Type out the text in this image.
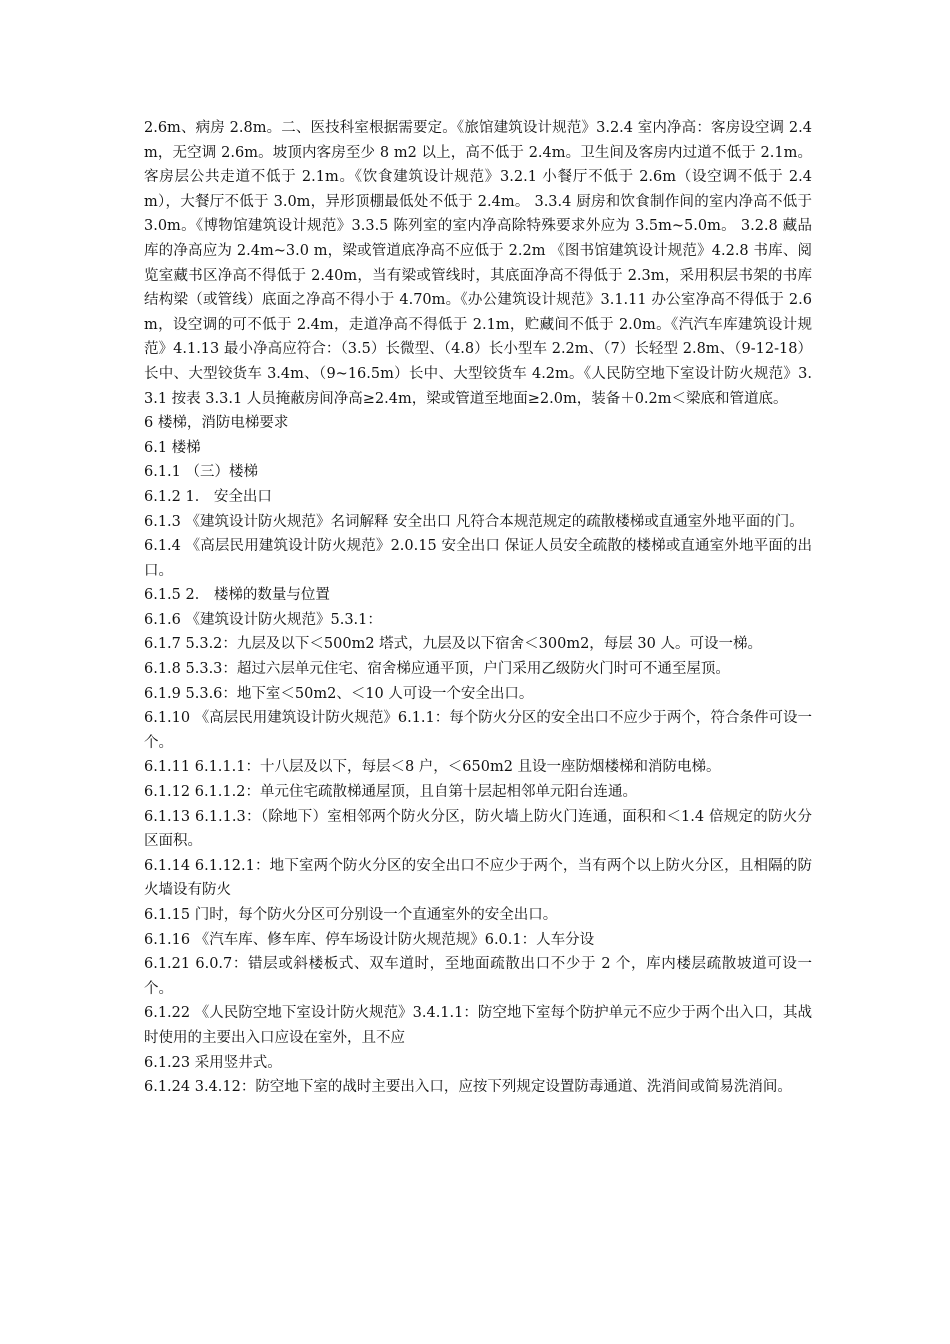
2.6m、病房 2.8m。二、医技科室根据需要定。《旅馆建筑设计规范》3.2.4 室内净高：客房设空调 2.4m，无空调 2.6m。坡顶内客房至少 8 m2 以上，高不低于 2.4m。卫生间及客房内过道不低于 2.1m。客房层公共走道不低于 2.1m。《饮食建筑设计规范》3.2.1 小餐厅不低于 2.6m（设空调不低于 2.4m），大餐厅不低于 3.0m，异形顶棚最低处不低于 2.4m。 3.3.4 厨房和饮食制作间的室内净高不低于 3.0m。《博物馆建筑设计规范》3.3.5 陈列室的室内净高除特殊要求外应为 3.5m~5.0m。 3.2.8 藏品库的净高应为 2.4m~3.0 m，梁或管道底净高不应低于 2.2m 《图书馆建筑设计规范》4.2.8 书库、阅览室藏书区净高不得低于 2.40m，当有梁或管线时，其底面净高不得低于 2.3m，采用积层书架的书库结构梁（或管线）底面之净高不得小于 4.70m。《办公建筑设计规范》3.1.11 办公室净高不得低于 2.6m，设空调的可不低于 2.4m，走道净高不得低于 2.1m，贮藏间不低于 2.0m。《汽汽车库建筑设计规范》4.1.13 最小净高应符合：（3.5）长微型、（4.8）长小型车 2.2m、（7）长轻型 2.8m、（9-12-18）长中、大型铰货车 3.4m、（9~16.5m）长中、大型铰货车 4.2m。《人民防空地下室设计防火规范》3.3.1 按表 3.3.1 人员掩蔽房间净高≥2.4m，梁或管道至地面≥2.0m，装备＋0.2m＜梁底和管道底。

6 楼梯，消防电梯要求

6.1 楼梯

6.1.1 （三）楼梯

6.1.2 1． 安全出口

6.1.3 《建筑设计防火规范》名词解释 安全出口 凡符合本规范规定的疏散楼梯或直通室外地平面的门。

6.1.4 《高层民用建筑设计防火规范》2.0.15 安全出口 保证人员安全疏散的楼梯或直通室外地平面的出口。

6.1.5 2． 楼梯的数量与位置

6.1.6 《建筑设计防火规范》5.3.1：

6.1.7 5.3.2：九层及以下＜500m2 塔式，九层及以下宿舍＜300m2，每层 30 人。可设一梯。

6.1.8 5.3.3：超过六层单元住宅、宿舍梯应通平顶，户门采用乙级防火门时可不通至屋顶。

6.1.9 5.3.6：地下室＜50m2、＜10 人可设一个安全出口。

6.1.10 《高层民用建筑设计防火规范》6.1.1：每个防火分区的安全出口不应少于两个，符合条件可设一个。

6.1.11 6.1.1.1：十八层及以下，每层＜8 户，＜650m2 且设一座防烟楼梯和消防电梯。

6.1.12 6.1.1.2：单元住宅疏散梯通屋顶，且自第十层起相邻单元阳台连通。

6.1.13 6.1.1.3：（除地下）室相邻两个防火分区，防火墙上防火门连通，面积和＜1.4 倍规定的防火分区面积。

6.1.14 6.1.12.1：地下室两个防火分区的安全出口不应少于两个，当有两个以上防火分区，且相隔的防火墙设有防火

6.1.15 门时，每个防火分区可分别设一个直通室外的安全出口。

6.1.16 《汽车库、修车库、停车场设计防火规范规》6.0.1：人车分设

6.1.21 6.0.7：错层或斜楼板式、双车道时，至地面疏散出口不少于 2 个，库内楼层疏散坡道可设一个。

6.1.22 《人民防空地下室设计防火规范》3.4.1.1：防空地下室每个防护单元不应少于两个出入口，其战时使用的主要出入口应设在室外，且不应

6.1.23 采用竖井式。

6.1.24 3.4.12：防空地下室的战时主要出入口，应按下列规定设置防毒通道、洗消间或简易洗消间。
